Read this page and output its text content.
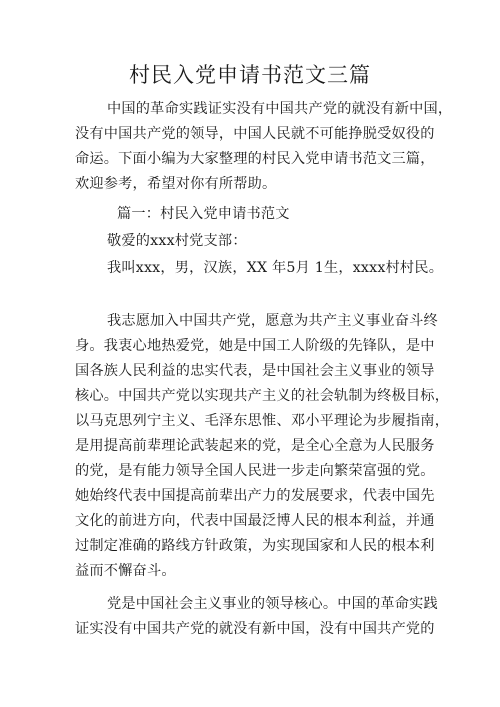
村民入党申请书范文三篇
中国的革命实践证实没有中国共产党的就没有新中国，
没有中国共产党的领导，中国人民就不可能挣脱受奴役的
命运。下面小编为大家整理的村民入党申请书范文三篇，
欢迎参考，希望对你有所帮助。
篇一：村民入党申请书范文
敬爱的xxx村党支部：
我叫xxx，男，汉族，XX 年5月 1生，xxxx村村民。
我志愿加入中国共产党，愿意为共产主义事业奋斗终
身。我衷心地热爱党，她是中国工人阶级的先锋队，是中
国各族人民利益的忠实代表，是中国社会主义事业的领导
核心。中国共产党以实现共产主义的社会轨制为终极目标，
以马克思列宁主义、毛泽东思惟、邓小平理论为步履指南，
是用提高前辈理论武装起来的党，是全心全意为人民服务
的党，是有能力领导全国人民进一步走向繁荣富强的党。
她始终代表中国提高前辈出产力的发展要求，代表中国先
文化的前进方向，代表中国最泛博人民的根本利益，并通
过制定准确的路线方针政策，为实现国家和人民的根本利
益而不懈奋斗。
党是中国社会主义事业的领导核心。中国的革命实践
证实没有中国共产党的就没有新中国，没有中国共产党的
